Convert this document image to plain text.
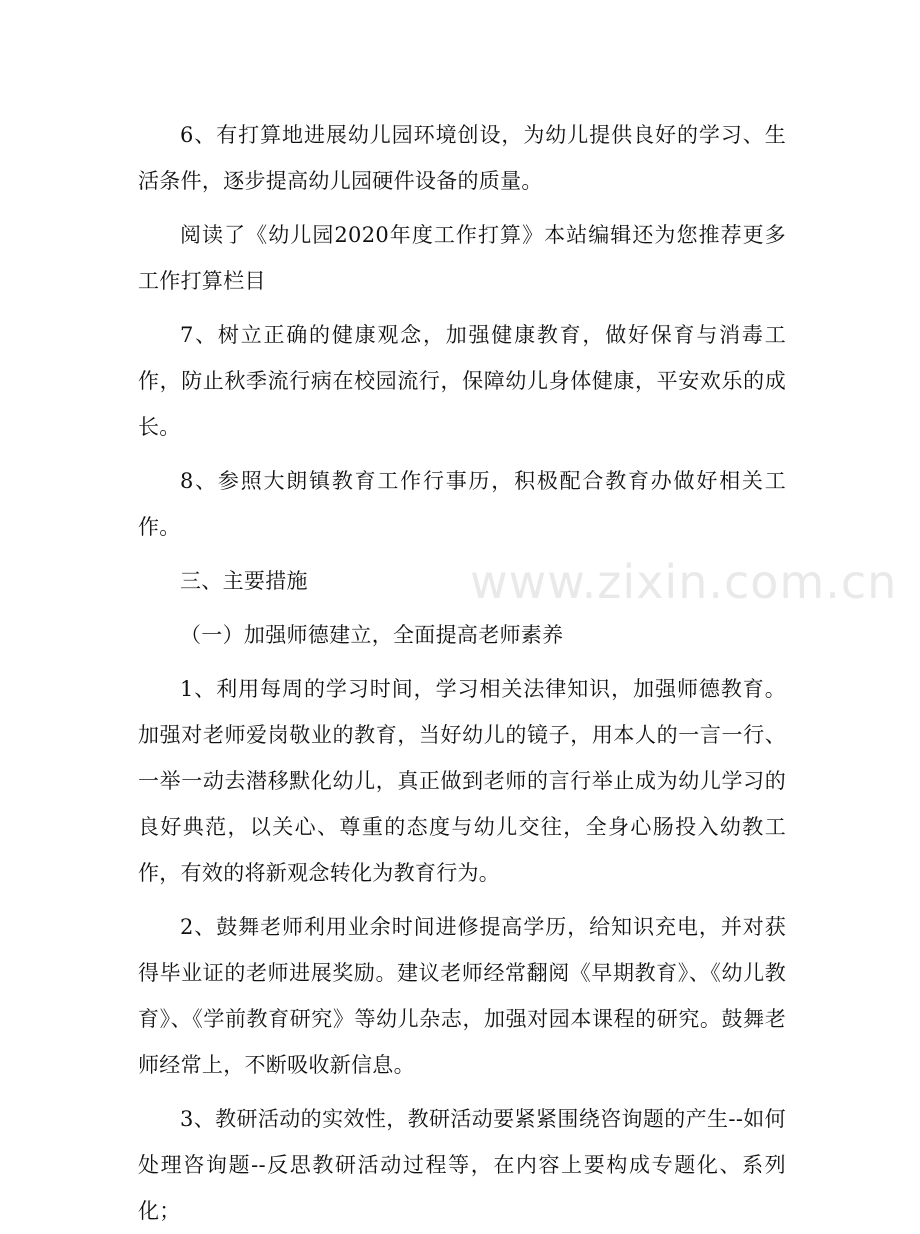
www.zixin.com.cn

6、有打算地进展幼儿园环境创设，为幼儿提供良好的学习、生活条件，逐步提高幼儿园硬件设备的质量。

阅读了《幼儿园2020年度工作打算》本站编辑还为您推荐更多工作打算栏目

7、树立正确的健康观念，加强健康教育，做好保育与消毒工作，防止秋季流行病在校园流行，保障幼儿身体健康，平安欢乐的成长。

8、参照大朗镇教育工作行事历，积极配合教育办做好相关工作。

三、主要措施

（一）加强师德建立，全面提高老师素养

1、利用每周的学习时间，学习相关法律知识，加强师德教育。加强对老师爱岗敬业的教育，当好幼儿的镜子，用本人的一言一行、一举一动去潜移默化幼儿，真正做到老师的言行举止成为幼儿学习的良好典范，以关心、尊重的态度与幼儿交往，全身心肠投入幼教工作，有效的将新观念转化为教育行为。

2、鼓舞老师利用业余时间进修提高学历，给知识充电，并对获得毕业证的老师进展奖励。建议老师经常翻阅《早期教育》、《幼儿教育》、《学前教育研究》等幼儿杂志，加强对园本课程的研究。鼓舞老师经常上，不断吸收新信息。

3、教研活动的实效性，教研活动要紧紧围绕咨询题的产生--如何处理咨询题--反思教研活动过程等，在内容上要构成专题化、系列化；
